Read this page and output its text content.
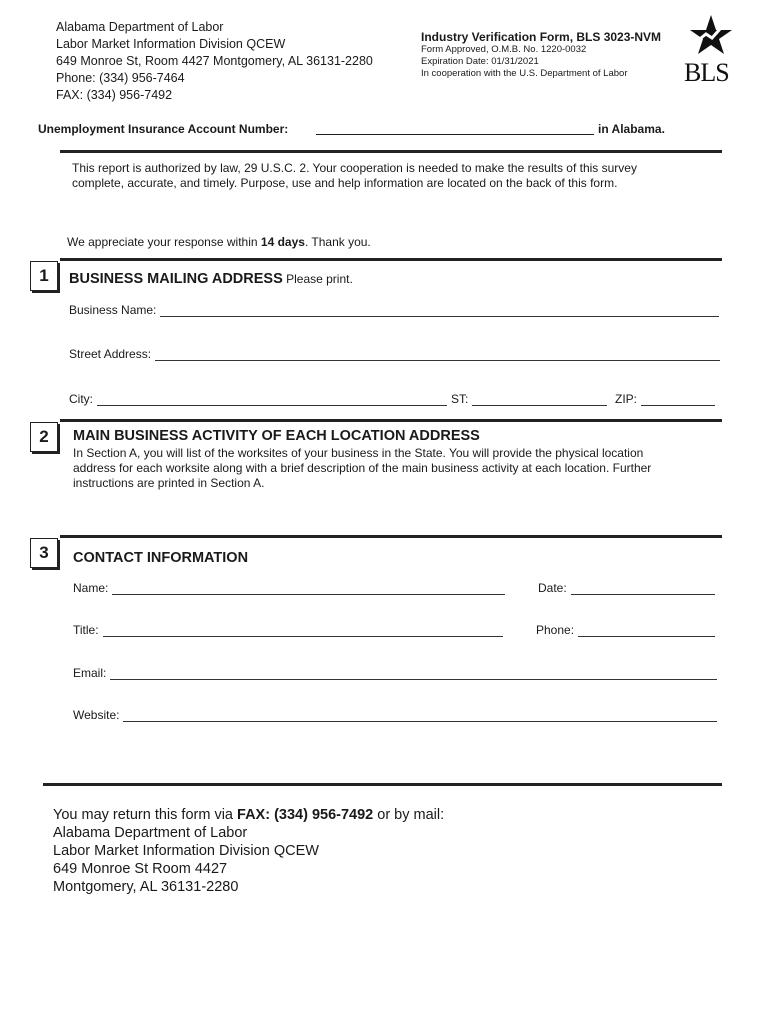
Alabama Department of Labor
Labor Market Information Division QCEW
649 Monroe St, Room 4427 Montgomery, AL 36131-2280
Phone: (334) 956-7464
FAX: (334) 956-7492
Industry Verification Form, BLS 3023-NVM
Form Approved, O.M.B. No. 1220-0032
Expiration Date: 01/31/2021
In cooperation with the U.S. Department of Labor	BLS
Unemployment Insurance Account Number:	in Alabama.
This report is authorized by law, 29 U.S.C. 2. Your cooperation is needed to make the results of this survey complete, accurate, and timely. Purpose, use and help information are located on the back of this form.
We appreciate your response within 14 days. Thank you.
1	BUSINESS MAILING ADDRESS Please print.
Business Name:
Street Address:
City:	ST:	ZIP:
2	MAIN BUSINESS ACTIVITY OF EACH LOCATION ADDRESS
In Section A, you will list of the worksites of your business in the State. You will provide the physical location address for each worksite along with a brief description of the main business activity at each location. Further instructions are printed in Section A.
3	CONTACT INFORMATION
Name:	Date:
Title:	Phone:
Email:
Website:
You may return this form via FAX: (334) 956-7492 or by mail:
Alabama Department of Labor
Labor Market Information Division QCEW
649 Monroe St Room 4427
Montgomery, AL 36131-2280
